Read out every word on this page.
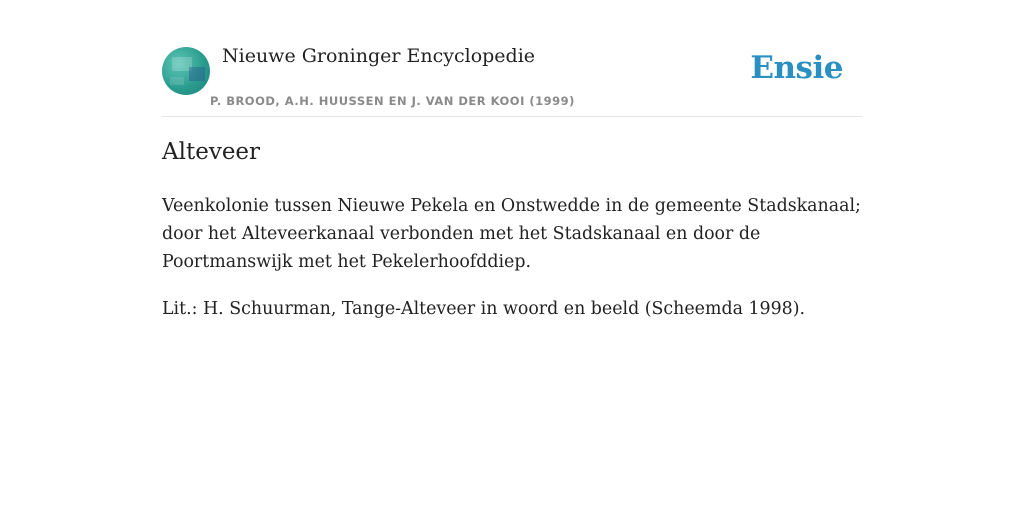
Nieuwe Groninger Encyclopedie
P. BROOD, A.H. HUUSSEN EN J. VAN DER KOOI (1999)
Ensie
Alteveer

Veenkolonie tussen Nieuwe Pekela en Onstwedde in de gemeente Stadskanaal; door het Alteveerkanaal verbonden met het Stadskanaal en door de Poortmanswijk met het Pekelerhoofddiep.

Lit.: H. Schuurman, Tange-Alteveer in woord en beeld (Scheemda 1998).
